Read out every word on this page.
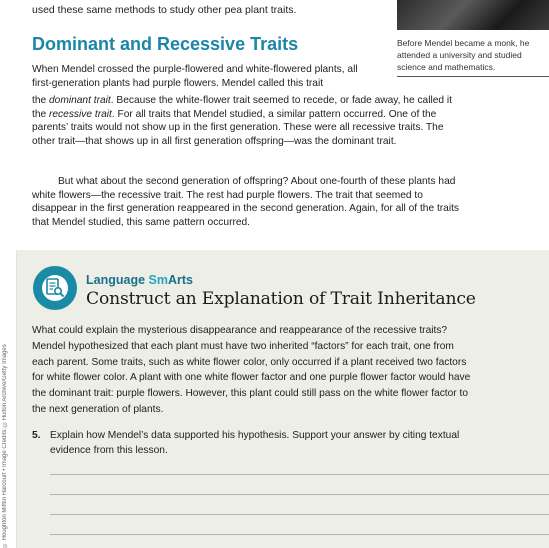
used these same methods to study other pea plant traits.
Before Mendel became a monk, he attended a university and studied science and mathematics.
Dominant and Recessive Traits

When Mendel crossed the purple-flowered and white-flowered plants, all first-generation plants had purple flowers. Mendel called this trait

the dominant trait. Because the white-flower trait seemed to recede, or fade away, he called it the recessive trait. For all traits that Mendel studied, a similar pattern occurred. One of the parents’ traits would not show up in the first generation. These were all recessive traits. The other trait—that shows up in all first generation offspring—was the dominant trait.

But what about the second generation of offspring? About one-fourth of these plants had white flowers—the recessive trait. The rest had purple flowers. The trait that seemed to disappear in the first generation reappeared in the second generation. Again, for all of the traits that Mendel studied, this same pattern occurred.

© Houghton Mifflin Harcourt • Image Credits: ©Hulton Archive/Getty Images
Language SmArts
Construct an Explanation of Trait Inheritance

What could explain the mysterious disappearance and reappearance of the recessive traits? Mendel hypothesized that each plant must have two inherited “factors” for each trait, one from each parent. Some traits, such as white flower color, only occurred if a plant received two factors for white flower color. A plant with one white flower factor and one purple flower factor would have the dominant trait: purple flowers. However, this plant could still pass on the white flower factor to the next generation of plants.

5. Explain how Mendel’s data supported his hypothesis. Support your answer by citing textual evidence from this lesson.
